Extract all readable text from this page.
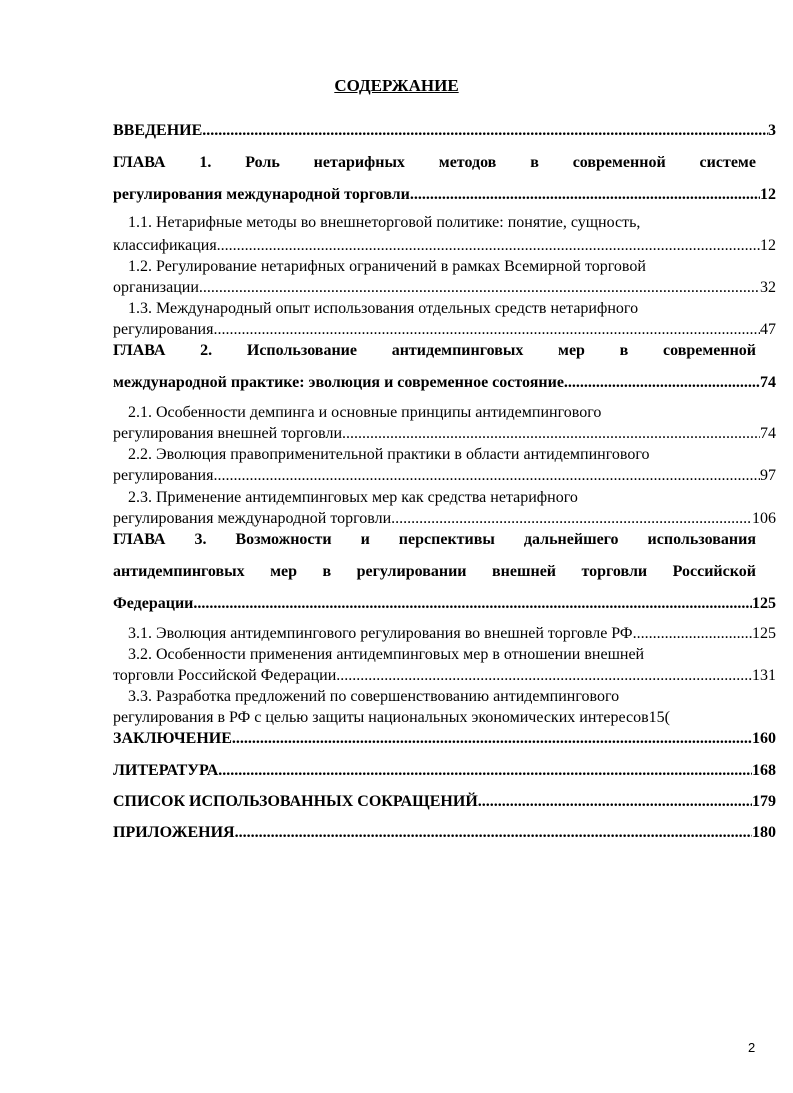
СОДЕРЖАНИЕ
ВВЕДЕНИЕ .....	3
ГЛАВА 1. Роль нетарифных методов в современной системе
регулирования международной торговли .....	12
1.1. Нетарифные методы во внешнеторговой политике: понятие, сущность,
классификация .....	12
1.2. Регулирование нетарифных ограничений в рамках Всемирной торговой
организации .....	32
1.3. Международный опыт использования отдельных средств нетарифного
регулирования .....	47
ГЛАВА 2. Использование антидемпинговых мер в современной
международной практике: эволюция и современное состояние .....	74
2.1. Особенности демпинга и основные принципы антидемпингового
регулирования внешней торговли .....	74
2.2. Эволюция правоприменительной практики в области антидемпингового
регулирования .....	97
2.3. Применение антидемпинговых мер как средства нетарифного
регулирования международной торговли .....	106
ГЛАВА 3. Возможности и перспективы дальнейшего использования
антидемпинговых мер в регулировании внешней торговли Российской
Федерации .....	125
3.1. Эволюция антидемпингового регулирования во внешней торговле РФ .....	125
3.2. Особенности применения антидемпинговых мер в отношении внешней
торговли Российской Федерации .....	131
3.3. Разработка предложений по совершенствованию антидемпингового
регулирования в РФ с целью защиты национальных экономических интересов15(
ЗАКЛЮЧЕНИЕ .....	160
ЛИТЕРАТУРА .....	168
СПИСОК ИСПОЛЬЗОВАННЫХ СОКРАЩЕНИЙ .....	179
ПРИЛОЖЕНИЯ .....	180
2
